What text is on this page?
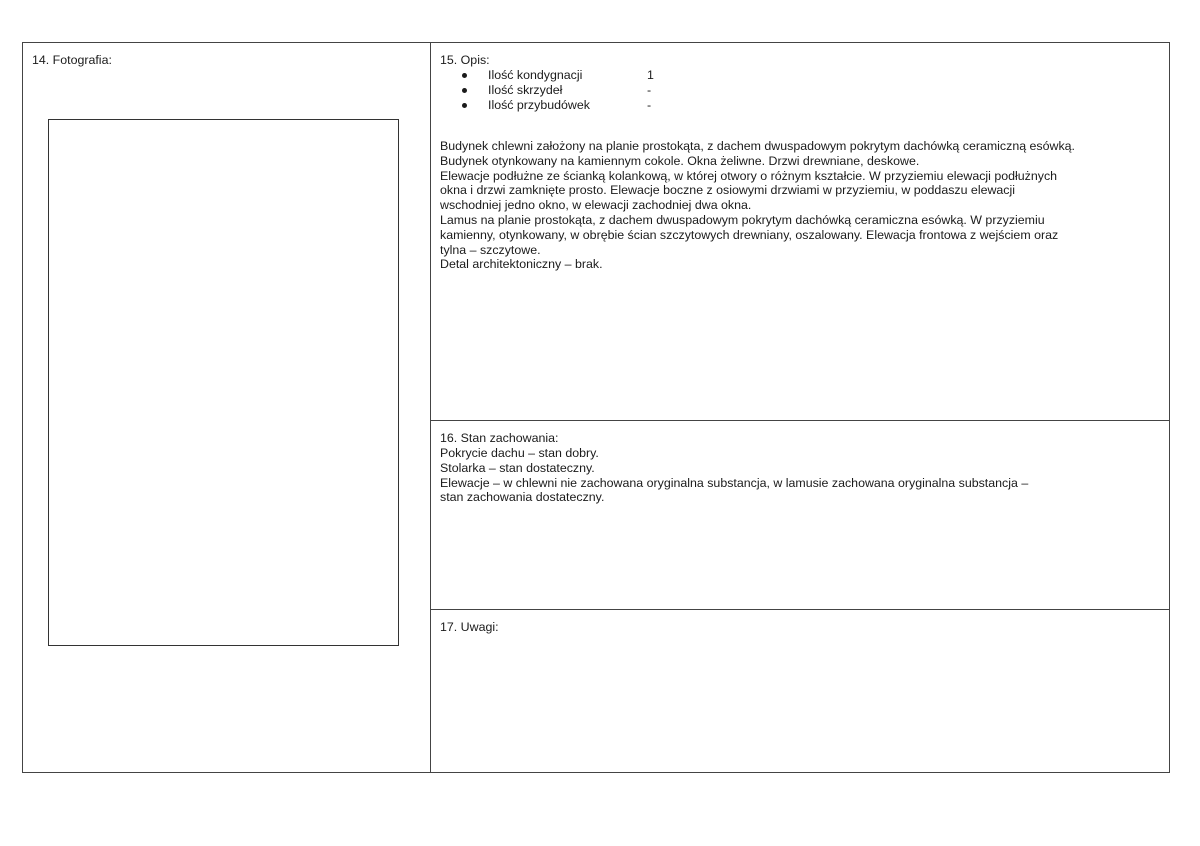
14. Fotografia:	15. Opis:
Ilość kondygnacji	1
Ilość skrzydeł	-
Ilość przybudówek	-
Budynek chlewni założony na planie prostokąta, z dachem dwuspadowym pokrytym dachówką ceramiczną esówką.
Budynek otynkowany na kamiennym cokole. Okna żeliwne. Drzwi drewniane, deskowe.
Elewacje podłużne ze ścianką kolankową, w której otwory o różnym kształcie. W przyziemiu elewacji podłużnych
okna i drzwi zamknięte prosto. Elewacje boczne z osiowymi drzwiami w przyziemiu, w poddaszu elewacji
wschodniej jedno okno, w elewacji zachodniej dwa okna.
Lamus na planie prostokąta, z dachem dwuspadowym pokrytym dachówką ceramiczna esówką. W przyziemiu
kamienny, otynkowany, w obrębie ścian szczytowych drewniany, oszalowany. Elewacja frontowa z wejściem oraz
tylna – szczytowe.
Detal architektoniczny – brak.
16. Stan zachowania:
Pokrycie dachu – stan dobry.
Stolarka – stan dostateczny.
Elewacje – w chlewni nie zachowana oryginalna substancja, w lamusie zachowana oryginalna substancja –
stan zachowania dostateczny.
17. Uwagi:
